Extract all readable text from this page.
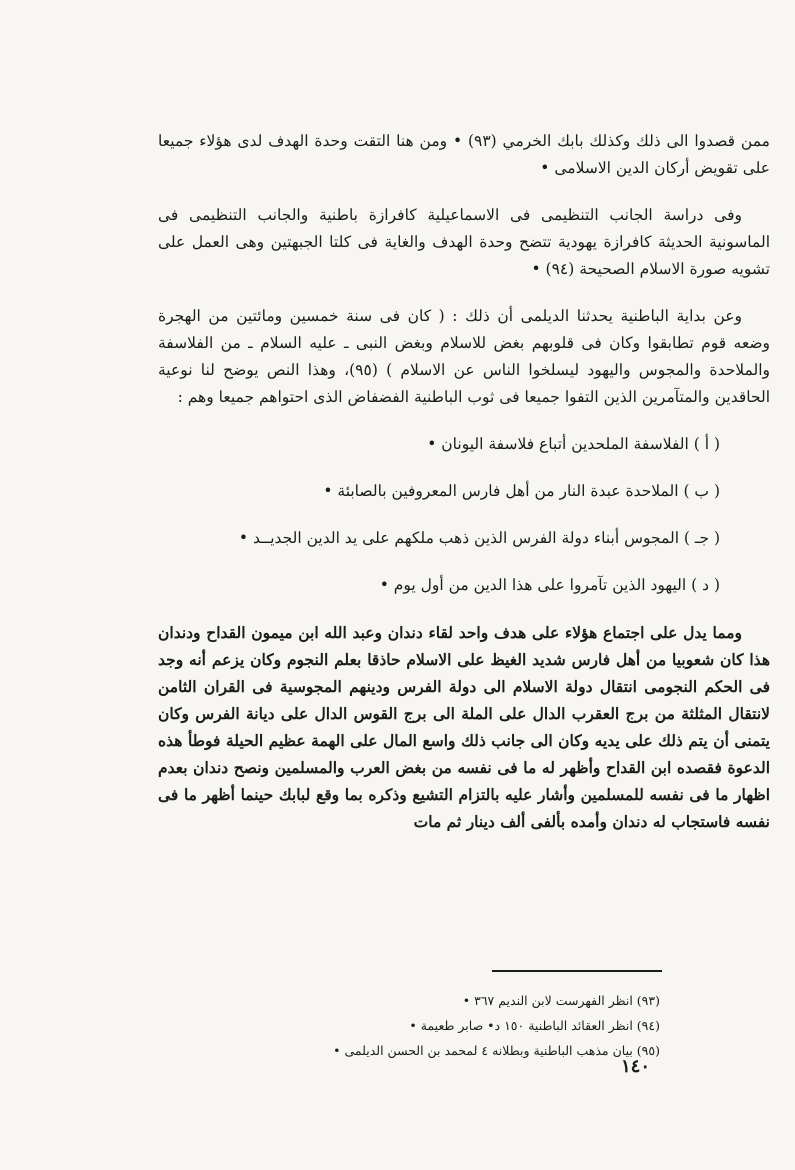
ممن قصدوا الى ذلك وكذلك بابك الخرمي (٩٣) • ومن هنا التقت وحدة الهدف لدى هؤلاء جميعا على تقويض أركان الدين الاسلامى •

وفى دراسة الجانب التنظيمى فى الاسماعيلية كافرازة باطنية والجانب التنظيمى فى الماسونية الحديثة كافرازة يهودية تتضح وحدة الهدف والغاية فى كلتا الجبهتين وهى العمل على تشويه صورة الاسلام الصحيحة (٩٤) •

وعن بداية الباطنية يحدثنا الديلمى أن ذلك : ( كان فى سنة خمسين ومائتين من الهجرة وضعه قوم تطابقوا وكان فى قلوبهم بغض للاسلام وبغض النبى ـ عليه السلام ـ من الفلاسفة والملاحدة والمجوس واليهود ليسلخوا الناس عن الاسلام ) (٩٥)، وهذا النص يوضح لنا نوعية الحاقدين والمتآمرين الذين التفوا جميعا فى ثوب الباطنية الفضفاض الذى احتواهم جميعا وهم :

( أ ) الفلاسفة الملحدين أتباع فلاسفة اليونان •

( ب ) الملاحدة عبدة النار من أهل فارس المعروفين بالصابئة •

( جـ ) المجوس أبناء دولة الفرس الذين ذهب ملكهم على يد الدين الجديــد •

( د ) اليهود الذين تآمروا على هذا الدين من أول يوم •

ومما يدل على اجتماع هؤلاء على هدف واحد لقاء دندان وعبد الله ابن ميمون القداح ودندان هذا كان شعوبيا من أهل فارس شديد الغيظ على الاسلام حاذقا بعلم النجوم وكان يزعم أنه وجد فى الحكم النجومى انتقال دولة الاسلام الى دولة الفرس ودينهم المجوسية فى القران الثامن لانتقال المثلثة من برج العقرب الدال على الملة الى برج القوس الدال على ديانة الفرس وكان يتمنى أن يتم ذلك على يديه وكان الى جانب ذلك واسع المال على الهمة عظيم الحيلة فوطأ هذه الدعوة فقصده ابن القداح وأظهر له ما فى نفسه من بغض العرب والمسلمين ونصح دندان بعدم اظهار ما فى نفسه للمسلمين وأشار عليه بالتزام التشيع وذكره بما وقع لبابك حينما أظهر ما فى نفسه فاستجاب له دندان وأمده بألفى ألف دينار ثم مات

(٩٣) انظر الفهرست لابن النديم ٣٦٧ •

(٩٤) انظر العقائد الباطنية ١٥٠ د• صابر طعيمة •

(٩٥) بيان مذهب الباطنية وبطلانه ٤ لمحمد بن الحسن الديلمى •

١٤٠
